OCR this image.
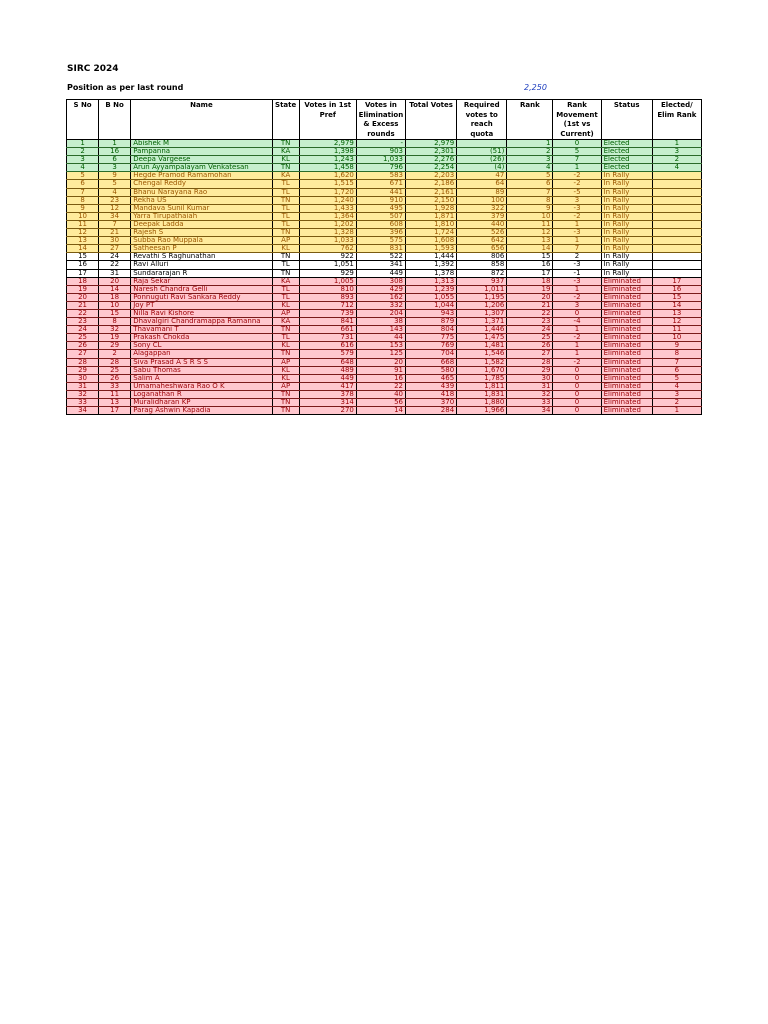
SIRC 2024
Position as per last round	2,250
S No	B No	Name	State	Votes in 1st Pref	Votes in Elimination & Excess rounds	Total Votes	Required votes to reach quota	Rank	Rank Movement (1st vs Current)	Status	Elected/ Elim Rank
1	1	Abishek M	TN	2,979	-	2,979		1	0	Elected	1
2	16	Pampanna	KA	1,398	903	2,301	(51)	2	5	Elected	3
3	6	Deepa Vargeese	KL	1,243	1,033	2,276	(26)	3	7	Elected	2
4	3	Arun Ayyampalayam Venkatesan	TN	1,458	796	2,254	(4)	4	1	Elected	4
5	9	Hegde Pramod Ramamohan	KA	1,620	583	2,203	47	5	-2	In Rally	
6	5	Chengal Reddy	TL	1,515	671	2,186	64	6	-2	In Rally	
7	4	Bhanu Narayana Rao	TL	1,720	441	2,161	89	7	-5	In Rally	
8	23	Rekha US	TN	1,240	910	2,150	100	8	3	In Rally	
9	12	Mandava Sunil Kumar	TL	1,433	495	1,928	322	9	-3	In Rally	
10	34	Yarra Tirupathaiah	TL	1,364	507	1,871	379	10	-2	In Rally	
11	7	Deepak Ladda	TL	1,202	608	1,810	440	11	1	In Rally	
12	21	Rajesh S	TN	1,328	396	1,724	526	12	-3	In Rally	
13	30	Subba Rao Muppala	AP	1,033	575	1,608	642	13	1	In Rally	
14	27	Satheesan P	KL	762	831	1,593	656	14	7	In Rally	
15	24	Revathi S Raghunathan	TN	922	522	1,444	806	15	2	In Rally	
16	22	Ravi Alluri	TL	1,051	341	1,392	858	16	-3	In Rally	
17	31	Sundararajan R	TN	929	449	1,378	872	17	-1	In Rally	
18	20	Raja Sekar	KA	1,005	308	1,313	937	18	-3	Eliminated	17
19	14	Naresh Chandra Gelli	TL	810	429	1,239	1,011	19	1	Eliminated	16
20	18	Ponnuguti Ravi Sankara Reddy	TL	893	162	1,055	1,195	20	-2	Eliminated	15
21	10	Joy PT	KL	712	332	1,044	1,206	21	3	Eliminated	14
22	15	Nilla Ravi Kishore	AP	739	204	943	1,307	22	0	Eliminated	13
23	8	Dhavalgiri Chandramappa Ramanna	KA	841	38	879	1,371	23	-4	Eliminated	12
24	32	Thavamani T	TN	661	143	804	1,446	24	1	Eliminated	11
25	19	Prakash Chokda	TL	731	44	775	1,475	25	-2	Eliminated	10
26	29	Sony CL	KL	616	153	769	1,481	26	1	Eliminated	9
27	2	Alagappan	TN	579	125	704	1,546	27	1	Eliminated	8
28	28	Siva Prasad A S R S S	AP	648	20	668	1,582	28	-2	Eliminated	7
29	25	Sabu Thomas	KL	489	91	580	1,670	29	0	Eliminated	6
30	26	Salim A	KL	449	16	465	1,785	30	0	Eliminated	5
31	33	Umamaheshwara Rao O K	AP	417	22	439	1,811	31	0	Eliminated	4
32	11	Loganathan R	TN	378	40	418	1,831	32	0	Eliminated	3
33	13	Muralidharan KP	TN	314	56	370	1,880	33	0	Eliminated	2
34	17	Parag Ashwin Kapadia	TN	270	14	284	1,966	34	0	Eliminated	1
